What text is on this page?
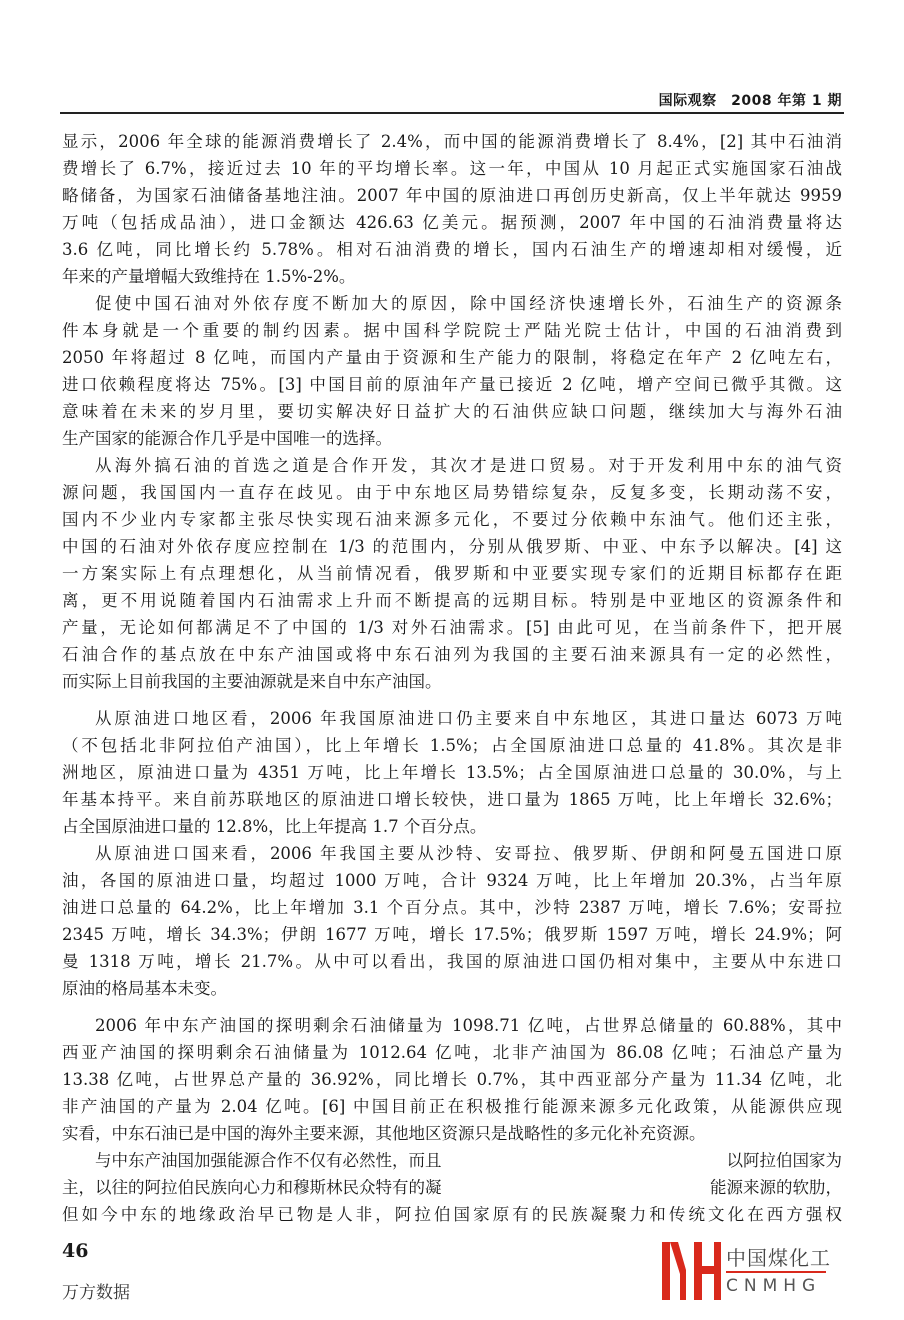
国际观察　2008 年第 1 期
显示，2006 年全球的能源消费增长了 2.4%，而中国的能源消费增长了 8.4%，[2] 其中石油消
费增长了 6.7%，接近过去 10 年的平均增长率。这一年，中国从 10 月起正式实施国家石油战
略储备，为国家石油储备基地注油。2007 年中国的原油进口再创历史新高，仅上半年就达 9959
万吨（包括成品油），进口金额达 426.63 亿美元。据预测，2007 年中国的石油消费量将达
3.6 亿吨，同比增长约 5.78%。相对石油消费的增长，国内石油生产的增速却相对缓慢，近
年来的产量增幅大致维持在 1.5%-2%。
促使中国石油对外依存度不断加大的原因，除中国经济快速增长外，石油生产的资源条
件本身就是一个重要的制约因素。据中国科学院院士严陆光院士估计，中国的石油消费到
2050 年将超过 8 亿吨，而国内产量由于资源和生产能力的限制，将稳定在年产 2 亿吨左右，
进口依赖程度将达 75%。[3] 中国目前的原油年产量已接近 2 亿吨，增产空间已微乎其微。这
意味着在未来的岁月里，要切实解决好日益扩大的石油供应缺口问题，继续加大与海外石油
生产国家的能源合作几乎是中国唯一的选择。
从海外搞石油的首选之道是合作开发，其次才是进口贸易。对于开发利用中东的油气资
源问题，我国国内一直存在歧见。由于中东地区局势错综复杂，反复多变，长期动荡不安，
国内不少业内专家都主张尽快实现石油来源多元化，不要过分依赖中东油气。他们还主张，
中国的石油对外依存度应控制在 1/3 的范围内，分别从俄罗斯、中亚、中东予以解决。[4] 这
一方案实际上有点理想化，从当前情况看，俄罗斯和中亚要实现专家们的近期目标都存在距
离，更不用说随着国内石油需求上升而不断提高的远期目标。特别是中亚地区的资源条件和
产量，无论如何都满足不了中国的 1/3 对外石油需求。[5] 由此可见，在当前条件下，把开展
石油合作的基点放在中东产油国或将中东石油列为我国的主要石油来源具有一定的必然性，
而实际上目前我国的主要油源就是来自中东产油国。
从原油进口地区看，2006 年我国原油进口仍主要来自中东地区，其进口量达 6073 万吨
（不包括北非阿拉伯产油国），比上年增长 1.5%；占全国原油进口总量的 41.8%。其次是非
洲地区，原油进口量为 4351 万吨，比上年增长 13.5%；占全国原油进口总量的 30.0%，与上
年基本持平。来自前苏联地区的原油进口增长较快，进口量为 1865 万吨，比上年增长 32.6%；
占全国原油进口量的 12.8%，比上年提高 1.7 个百分点。
从原油进口国来看，2006 年我国主要从沙特、安哥拉、俄罗斯、伊朗和阿曼五国进口原
油，各国的原油进口量，均超过 1000 万吨，合计 9324 万吨，比上年增加 20.3%，占当年原
油进口总量的 64.2%，比上年增加 3.1 个百分点。其中，沙特 2387 万吨，增长 7.6%；安哥拉
2345 万吨，增长 34.3%；伊朗 1677 万吨，增长 17.5%；俄罗斯 1597 万吨，增长 24.9%；阿
曼 1318 万吨，增长 21.7%。从中可以看出，我国的原油进口国仍相对集中，主要从中东进口
原油的格局基本未变。
2006 年中东产油国的探明剩余石油储量为 1098.71 亿吨，占世界总储量的 60.88%，其中
西亚产油国的探明剩余石油储量为 1012.64 亿吨，北非产油国为 86.08 亿吨；石油总产量为
13.38 亿吨，占世界总产量的 36.92%，同比增长 0.7%，其中西亚部分产量为 11.34 亿吨，北
非产油国的产量为 2.04 亿吨。[6] 中国目前正在积极推行能源来源多元化政策，从能源供应现
实看，中东石油已是中国的海外主要来源，其他地区资源只是战略性的多元化补充资源。
与中东产油国加强能源合作不仅有必然性，而且	以阿拉伯国家为
主，以往的阿拉伯民族向心力和穆斯林民众特有的凝	能源来源的软肋，
但如今中东的地缘政治早已物是人非，阿拉伯国家原有的民族凝聚力和传统文化在西方强权
46
万方数据
中国煤化工
CNMHG
